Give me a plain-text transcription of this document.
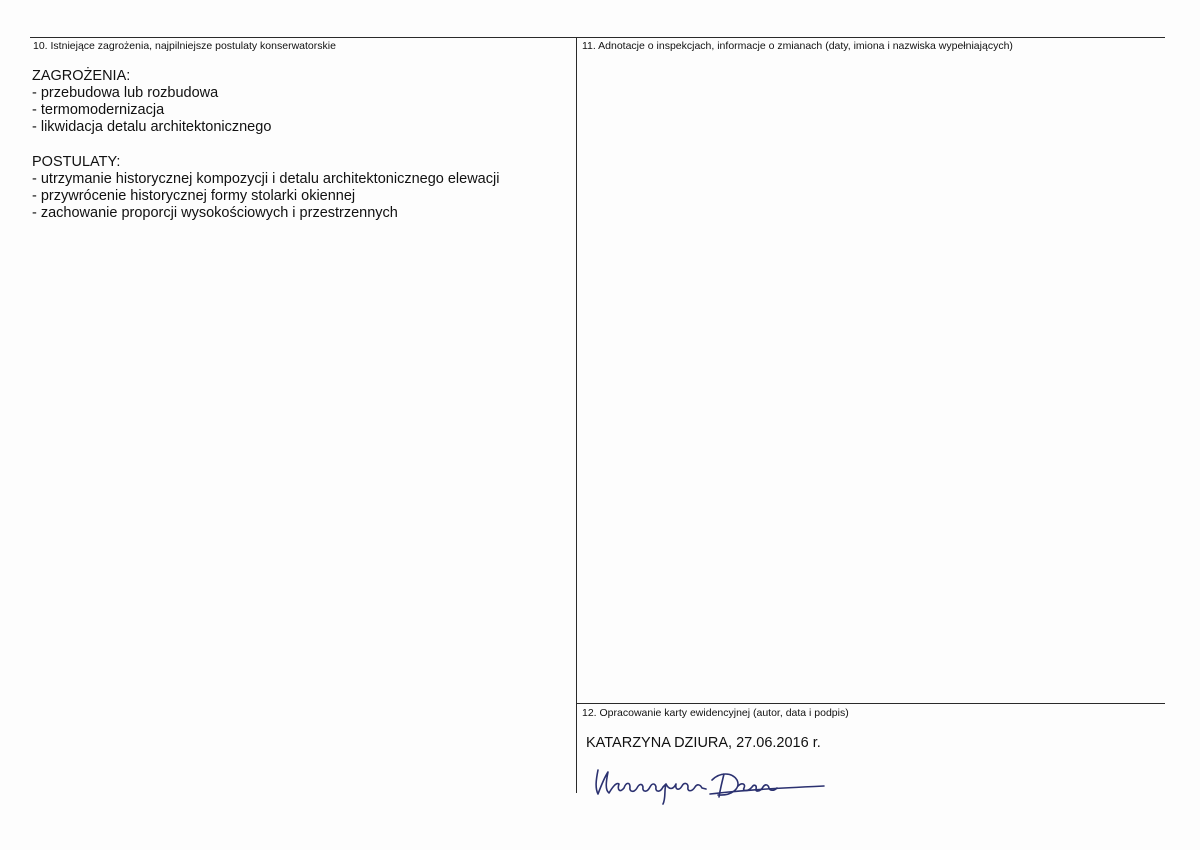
10. Istniejące zagrożenia, najpilniejsze postulaty konserwatorskie
ZAGROŻENIA:
- przebudowa lub rozbudowa
- termomodernizacja
- likwidacja detalu architektonicznego
POSTULATY:
- utrzymanie historycznej kompozycji i detalu architektonicznego elewacji
- przywrócenie historycznej formy stolarki okiennej
- zachowanie proporcji wysokościowych i przestrzennych
11. Adnotacje o inspekcjach, informacje o zmianach (daty, imiona i nazwiska wypełniających)
12. Opracowanie karty ewidencyjnej (autor, data i podpis)
KATARZYNA DZIURA, 27.06.2016 r.
